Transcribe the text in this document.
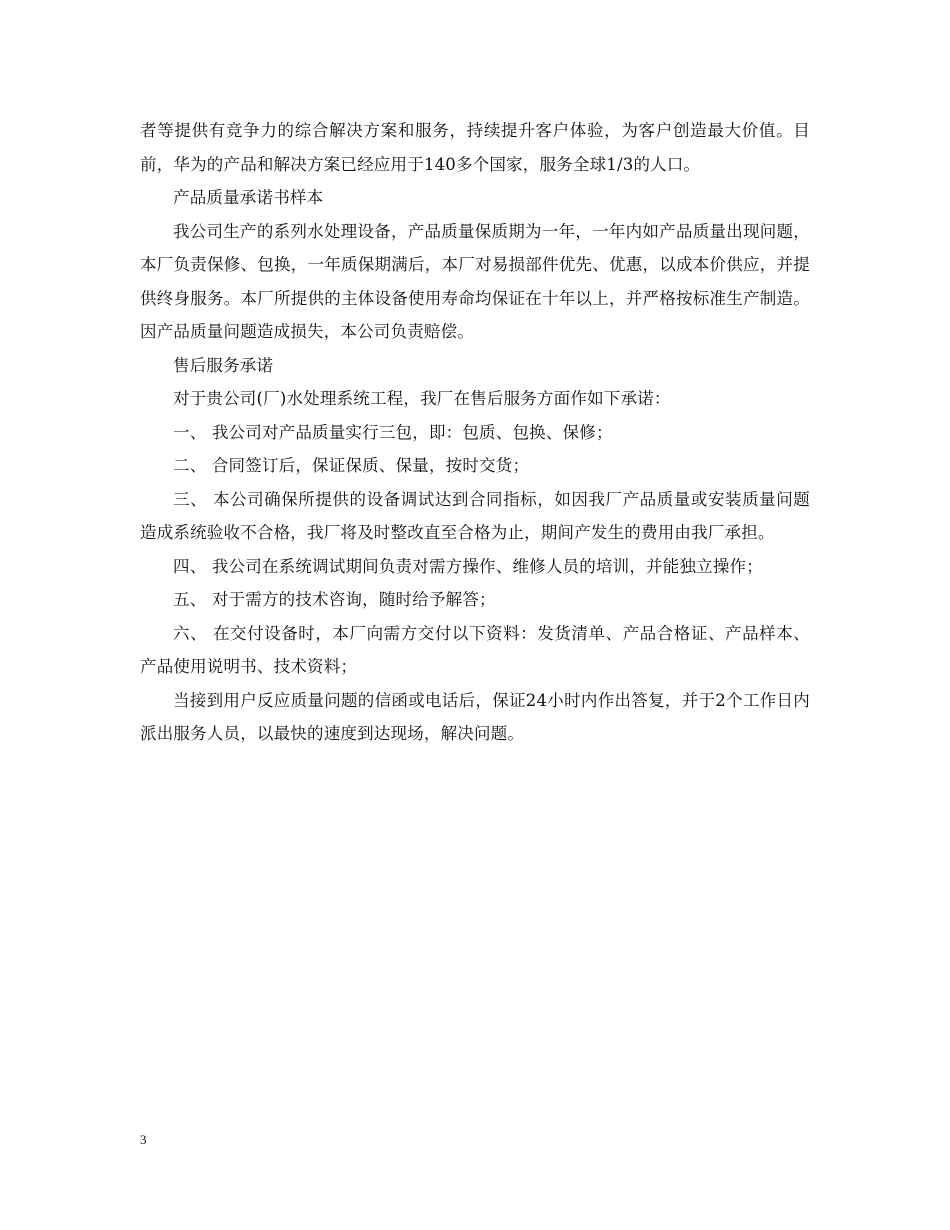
者等提供有竞争力的综合解决方案和服务，持续提升客户体验，为客户创造最大价值。目前，华为的产品和解决方案已经应用于140多个国家，服务全球1/3的人口。

产品质量承诺书样本

我公司生产的系列水处理设备，产品质量保质期为一年，一年内如产品质量出现问题，本厂负责保修、包换，一年质保期满后，本厂对易损部件优先、优惠，以成本价供应，并提供终身服务。本厂所提供的主体设备使用寿命均保证在十年以上，并严格按标准生产制造。因产品质量问题造成损失，本公司负责赔偿。

售后服务承诺

对于贵公司(厂)水处理系统工程，我厂在售后服务方面作如下承诺：

一、 我公司对产品质量实行三包，即：包质、包换、保修；

二、 合同签订后，保证保质、保量，按时交货；

三、 本公司确保所提供的设备调试达到合同指标，如因我厂产品质量或安装质量问题造成系统验收不合格，我厂将及时整改直至合格为止，期间产发生的费用由我厂承担。

四、 我公司在系统调试期间负责对需方操作、维修人员的培训，并能独立操作；

五、 对于需方的技术咨询，随时给予解答；

六、 在交付设备时，本厂向需方交付以下资料：发货清单、产品合格证、产品样本、产品使用说明书、技术资料；

当接到用户反应质量问题的信函或电话后，保证24小时内作出答复，并于2个工作日内派出服务人员，以最快的速度到达现场，解决问题。

3
